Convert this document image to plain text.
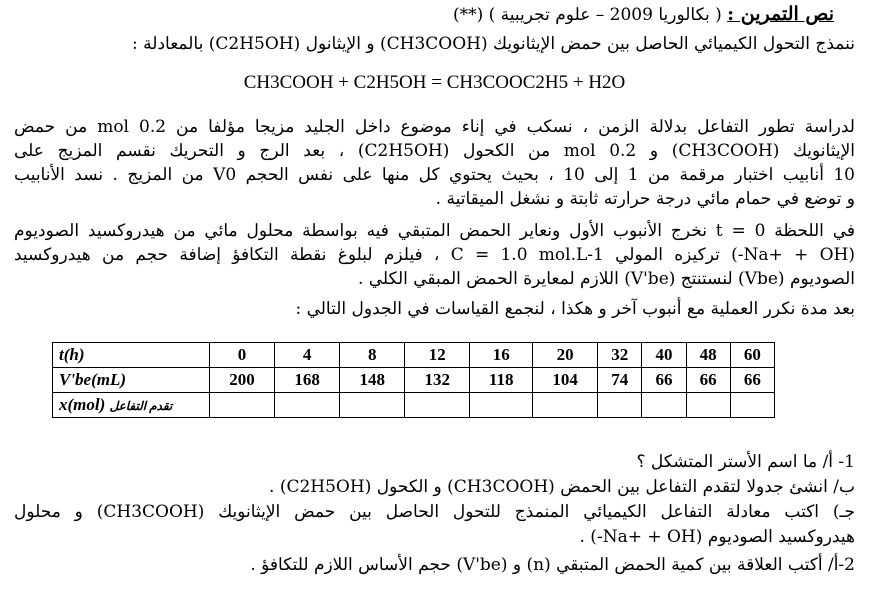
نص التمرين : ( بكالوريا 2009 – علوم تجريبية ) (**)
ننمذج التحول الكيميائي الحاصل بين حمض الإيثانويك (CH3COOH) و الإيثانول (C2H5OH) بالمعادلة :
CH3COOH + C2H5OH = CH3COOC2H5 + H2O
لدراسة تطور التفاعل بدلالة الزمن ، نسكب في إناء موضوع داخل الجليد مزيجا مؤلفا من 0.2 mol من حمض
الإيثانويك (CH3COOH) و 0.2 mol من الكحول (C2H5OH) ، بعد الرج و التحريك نقسم المزيج على
10 أنابيب اختبار مرقمة من 1 إلى 10 ، بحيث يحتوي كل منها على نفس الحجم V0 من المزيج . نسد الأنابيب
و توضع في حمام مائي درجة حرارته ثابتة و نشغل الميقاتية .
في اللحظة t = 0 نخرج الأنبوب الأول ونعاير الحمض المتبقي فيه بواسطة محلول مائي من هيدروكسيد الصوديوم
(Na+ + OH-) تركيزه المولي C = 1.0 mol.L-1 ، فيلزم لبلوغ نقطة التكافؤ إضافة حجم من هيدروكسيد
الصوديوم (Vbe) لنستنتج (V'be) اللازم لمعايرة الحمض المبقي الكلي .
بعد مدة نكرر العملية مع أنبوب آخر و هكذا ، لنجمع القياسات في الجدول التالي :
t(h)	0	4	8	12	16	20	32	40	48	60
V'be(mL)	200	168	148	132	118	104	74	66	66	66
x(mol) تقدم التفاعل										
1- أ/ ما اسم الأستر المتشكل ؟
ب/ انشئ جدولا لتقدم التفاعل بين الحمض (CH3COOH) و الكحول (C2H5OH) .
جـ) اكتب معادلة التفاعل الكيميائي المنمذج للتحول الحاصل بين حمض الإيثانويك (CH3COOH) و محلول
هيدروكسيد الصوديوم (Na+ + OH-) .
2-أ/ أكتب العلاقة بين كمية الحمض المتبقي (n) و (V'be) حجم الأساس اللازم للتكافؤ .
